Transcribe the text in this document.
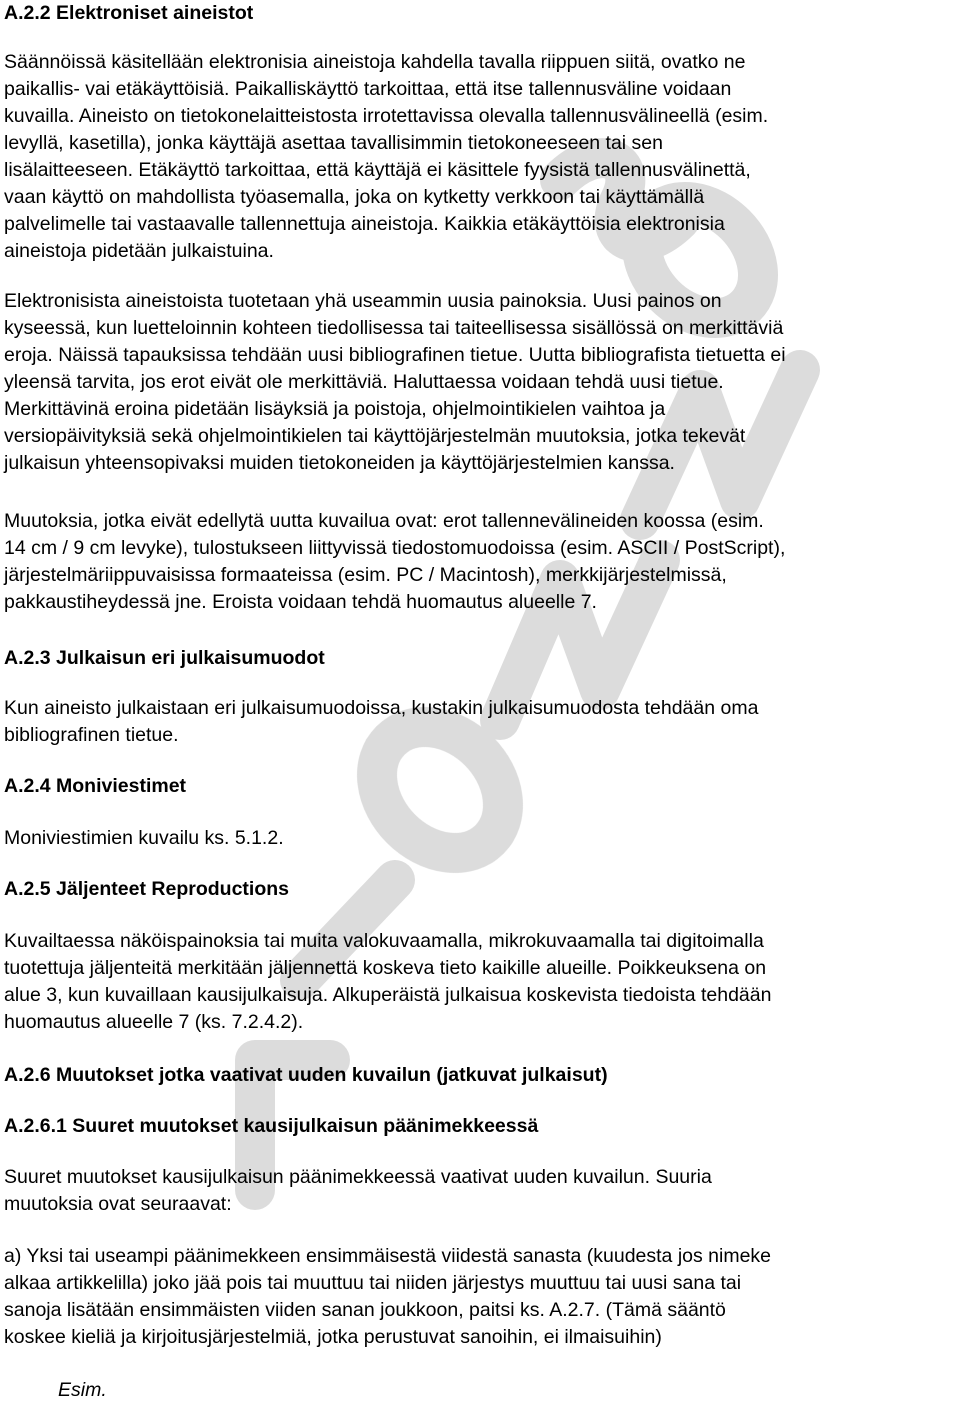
A.2.2 Elektroniset aineistot
Säännöissä käsitellään elektronisia aineistoja kahdella tavalla riippuen siitä, ovatko ne
paikallis- vai etäkäyttöisiä. Paikalliskäyttö tarkoittaa, että itse tallennusväline voidaan
kuvailla. Aineisto on tietokonelaitteistosta irrotettavissa olevalla tallennusvälineellä (esim.
levyllä, kasetilla), jonka käyttäjä asettaa tavallisimmin tietokoneeseen tai sen
lisälaitteeseen. Etäkäyttö tarkoittaa, että käyttäjä ei käsittele fyysistä tallennusvälinettä,
vaan käyttö on mahdollista työasemalla, joka on kytketty verkkoon tai käyttämällä
palvelimelle tai vastaavalle tallennettuja aineistoja. Kaikkia etäkäyttöisia elektronisia
aineistoja pidetään julkaistuina.
Elektronisista aineistoista tuotetaan yhä useammin uusia painoksia. Uusi painos on
kyseessä, kun luetteloinnin kohteen tiedollisessa tai taiteellisessa sisällössä on merkittäviä
eroja. Näissä tapauksissa tehdään uusi bibliografinen tietue. Uutta bibliografista tietuetta ei
yleensä tarvita, jos erot eivät ole merkittäviä. Haluttaessa voidaan tehdä uusi tietue.
Merkittävinä eroina pidetään lisäyksiä ja poistoja, ohjelmointikielen vaihtoa ja
versiopäivityksiä sekä ohjelmointikielen tai käyttöjärjestelmän muutoksia, jotka tekevät
julkaisun yhteensopivaksi muiden tietokoneiden ja käyttöjärjestelmien kanssa.
Muutoksia, jotka eivät edellytä uutta kuvailua ovat: erot tallennevälineiden koossa (esim.
14 cm / 9 cm levyke), tulostukseen liittyvissä tiedostomuodoissa (esim. ASCII / PostScript),
järjestelmäriippuvaisissa formaateissa (esim. PC / Macintosh), merkkijärjestelmissä,
pakkaustiheydessä jne. Eroista voidaan tehdä huomautus alueelle 7.
A.2.3 Julkaisun eri julkaisumuodot
Kun aineisto julkaistaan eri julkaisumuodoissa, kustakin julkaisumuodosta tehdään oma
bibliografinen tietue.
A.2.4 Moniviestimet
Moniviestimien kuvailu ks. 5.1.2.
A.2.5 Jäljenteet Reproductions
Kuvailtaessa näköispainoksia tai muita valokuvaamalla, mikrokuvaamalla tai digitoimalla
tuotettuja jäljenteitä merkitään jäljennettä koskeva tieto kaikille alueille. Poikkeuksena on
alue 3, kun kuvaillaan kausijulkaisuja. Alkuperäistä julkaisua koskevista tiedoista tehdään
huomautus alueelle 7 (ks. 7.2.4.2).
A.2.6 Muutokset jotka vaativat uuden kuvailun (jatkuvat julkaisut)
A.2.6.1 Suuret muutokset kausijulkaisun päänimekkeessä
Suuret muutokset kausijulkaisun päänimekkeessä vaativat uuden kuvailun. Suuria
muutoksia ovat seuraavat:
a) Yksi tai useampi päänimekkeen ensimmäisestä viidestä sanasta (kuudesta jos nimeke
alkaa artikkelilla) joko jää pois tai muuttuu tai niiden järjestys muuttuu tai uusi sana tai
sanoja lisätään ensimmäisten viiden sanan joukkoon, paitsi ks. A.2.7. (Tämä sääntö
koskee kieliä ja kirjoitusjärjestelmiä, jotka perustuvat sanoihin, ei ilmaisuihin)
Esim.
